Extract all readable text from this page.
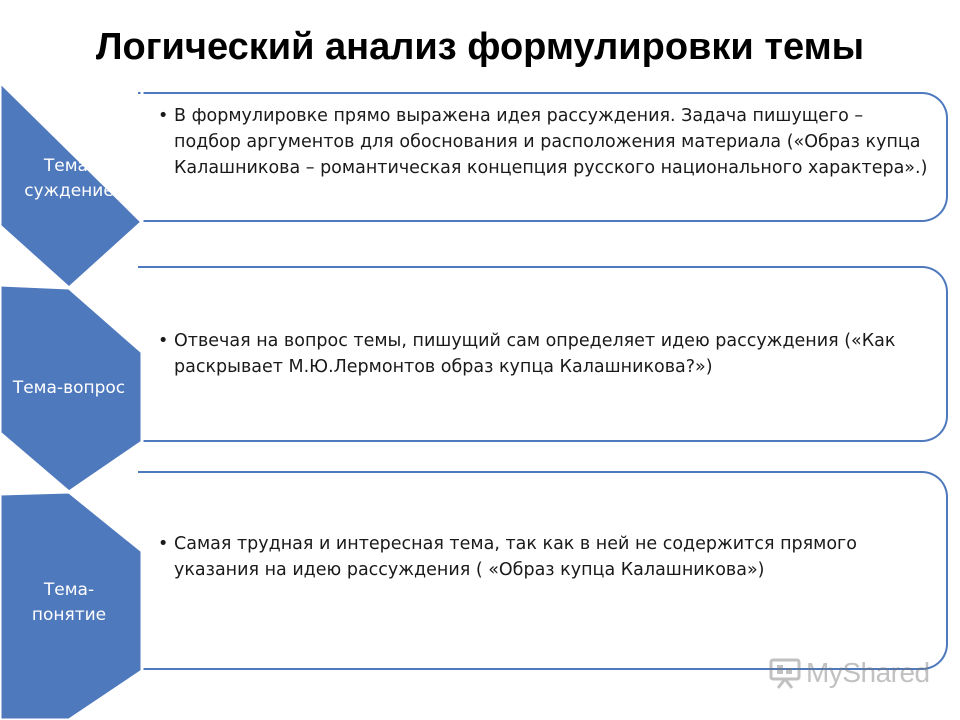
Логический анализ формулировки темы
• В формулировке прямо выражена идея рассуждения. Задача пишущего – подбор аргументов для обоснования и расположения материала («Образ купца Калашникова – романтическая концепция русского национального характера».)
• Отвечая на вопрос темы, пишущий сам определяет идею рассуждения («Как раскрывает М.Ю.Лермонтов образ купца Калашникова?»)
• Самая трудная и интересная тема, так как в ней не содержится прямого указания на идею рассуждения ( «Образ купца Калашникова»)
Тема-суждение
Тема-вопрос
Тема-понятие
MyShared
